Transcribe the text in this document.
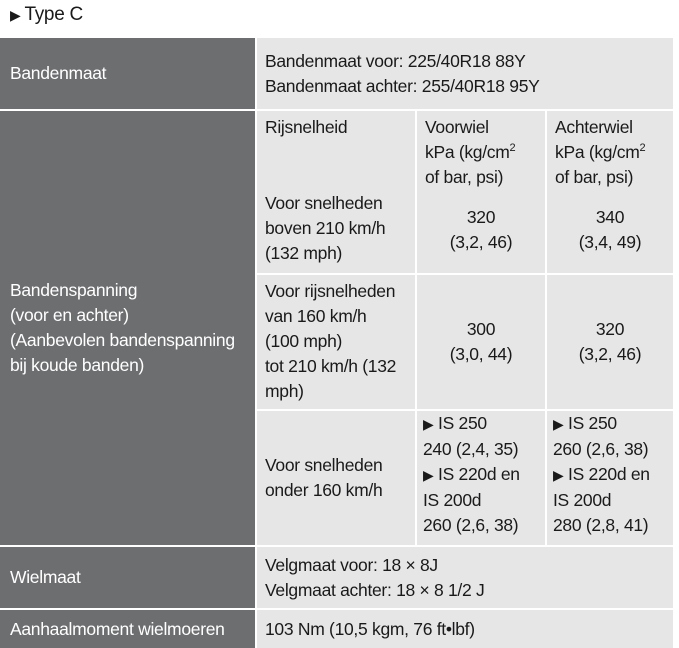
▶ Type C
Bandenmaat
Bandenmaat voor: 225/40R18 88Y
Bandenmaat achter: 255/40R18 95Y
Bandenspanning
(voor en achter)
(Aanbevolen bandenspanning
bij koude banden)
Rijsnelheid	Voorwiel
kPa ($kg/cm^2$
of bar, psi)
Achterwiel
kPa ($kg/cm^2$
of bar, psi)
Voor snelheden
boven 210 km/h
(132 mph)
320
(3,2, 46)
340
(3,4, 49)
Voor rijsnelheden
van 160 km/h
(100 mph)
tot 210 km/h (132
mph)
300
(3,0, 44)
320
(3,2, 46)
Voor snelheden
onder 160 km/h
▶ IS 250
240 (2,4, 35)
▶ IS 220d en
IS 200d
260 (2,6, 38)
▶ IS 250
260 (2,6, 38)
▶ IS 220d en
IS 200d
280 (2,8, 41)
Wielmaat
Velgmaat voor: 18 × 8J
Velgmaat achter: 18 × 8 1/2 J
Aanhaalmoment wielmoeren 103 Nm (10,5 kgm, 76 ft•lbf)
